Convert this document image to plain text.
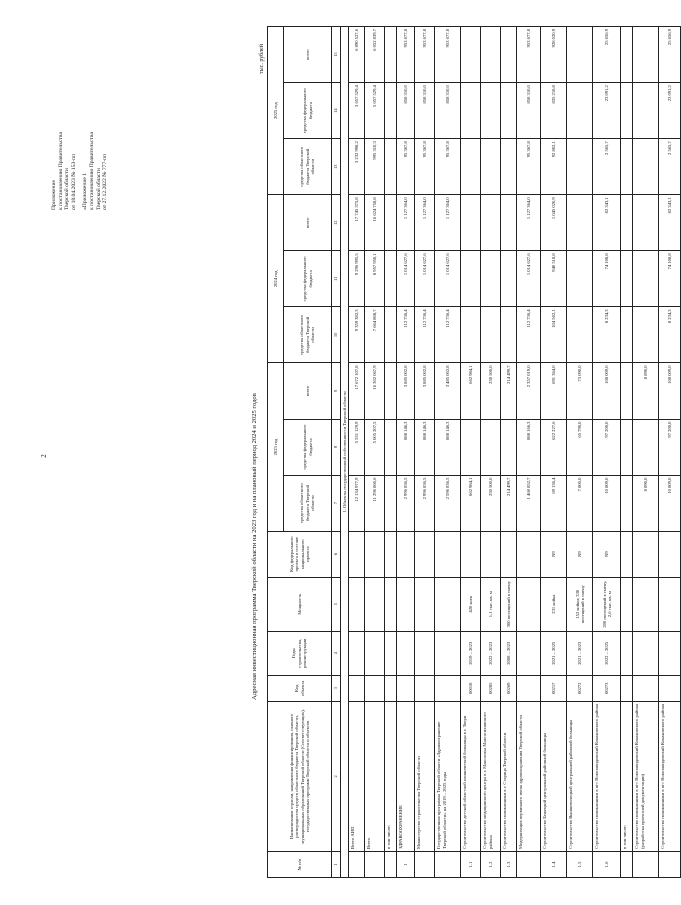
2
Приложение к постановлению Правительства Тверской области от 18.04.2023 № 153-пп «Приложение 1 к постановлению Правительства Тверской области от 27.12.2022 № 777-пп
Адресная инвестиционная программа Тверской области на 2023 год и на плановый период 2024 и 2025 годов
тыс. рублей
№ п/п	Наименование отрасли, направления финансирования, главного распорядителя средств областного бюджета Тверской области, муниципальных образований Тверской области (Соответствующих), государственных программ Тверской области и объектов	Код объекта	Годы строительства, реконструкции	Мощность	Код федерального проекта в составе национального проекта	2023 год			2024 год			2025 год		
						средства областного бюджета Тверской области	средства федерального бюджета	всего	средства областного бюджета Тверской области	средства федерального бюджета	всего	средства областного бюджета Тверской области	средства федерального бюджета	всего
1	2	3	4	5	6	7	8	9	10	11	12	13	14	15
1. Объекты государственной собственности Тверской области														
	Всего АИП					12 134 977,9	5 531 129,9	17 672 107,8	9 359 382,3	9 296 995,5	17 745 375,8	3 232 998,2	3 657 529,4	6 890 527,6
	Всего					11 296 860,6	5 005 207,5	16 302 067,9	7 664 808,7	8 957 950,1	16 624 758,8	995 310,3	5 057 529,4	6 052 839,7
	в том числе:													
1	ЗДРАВООХРАНЕНИЕ					2 996 836,5	888 146,3	3 885 002,8	112 736,4	1 014 627,6	1 127 364,0	95 367,8	858 310,0	953 677,8
	Министерство строительства Тверской области					2 996 836,5	888 146,3	3 885 002,8	112 736,4	1 014 627,6	1 127 364,0	95 367,8	858 310,0	953 677,8
	Государственная программа Тверской области «Здравоохранение Тверской области» на 2019 – 2025 годы					2 596 836,5	888 146,3	3 485 002,8	112 736,4	1 014 627,6	1 127 364,0	95 367,8	858 310,0	953 677,8
1.1	Строительство детской областной клинической больницы в г. Твери	00018	2019 – 2023	420 коек		662 984,1		662 984,1						
1.2	Строительство медицинского центра в г. Максатиха Максатихинского района	00285	2022 – 2023	1,1 тыс. кв. м		250 500,0		250 500,0						
1.3	Строительство поликлиники в г. Старица Тверской области	00269	2008 – 2023	300 посещений в смену		214 499,7		214 499,7						
	Модернизация первичного звена здравоохранения Тверской области					1 468 852,7	888 166,3	2 357 019,0	112 736,4	1 014 627,6	1 127 364,0	95 367,8	858 310,0	953 677,8
1.4	Строительство Бежецкой центральной районной больницы	00217	2021 – 2025	231 койка	N9	69 136,4	622 227,6	691 364,0	104 502,1	940 518,8	1 045 020,9	92 802,1	835 218,8	928 020,9
1.5	Строительство Вышневолоцкой центральной районной больницы	00272	2021 – 2023	152 койки; 330 посещений в смену	N9	7 800,0	65 790,0	73 090,0						
1.6	Строительство поликлиники в пгт Новозавидовский Конаковского района	00273	2022 – 2025	200 посещений в смену, 2,6 тыс. кв. м	N9	10 809,0	97 200,0	108 009,0	8 234,3	74 108,8	82 343,1	2 565,7	23 091,2	25 656,9
	в том числе:													
	Строительство поликлиники в пгт Новозавидовский Конаковского района (разработка проектной документации)					8 890,0		8 890,0						
	Строительство поликлиники в пгт Новозавидовский Конаковского района					10 809,0	97 200,0	108 009,0	8 234,3	74 108,8	82 343,1	2 565,7	23 091,2	25 656,9
